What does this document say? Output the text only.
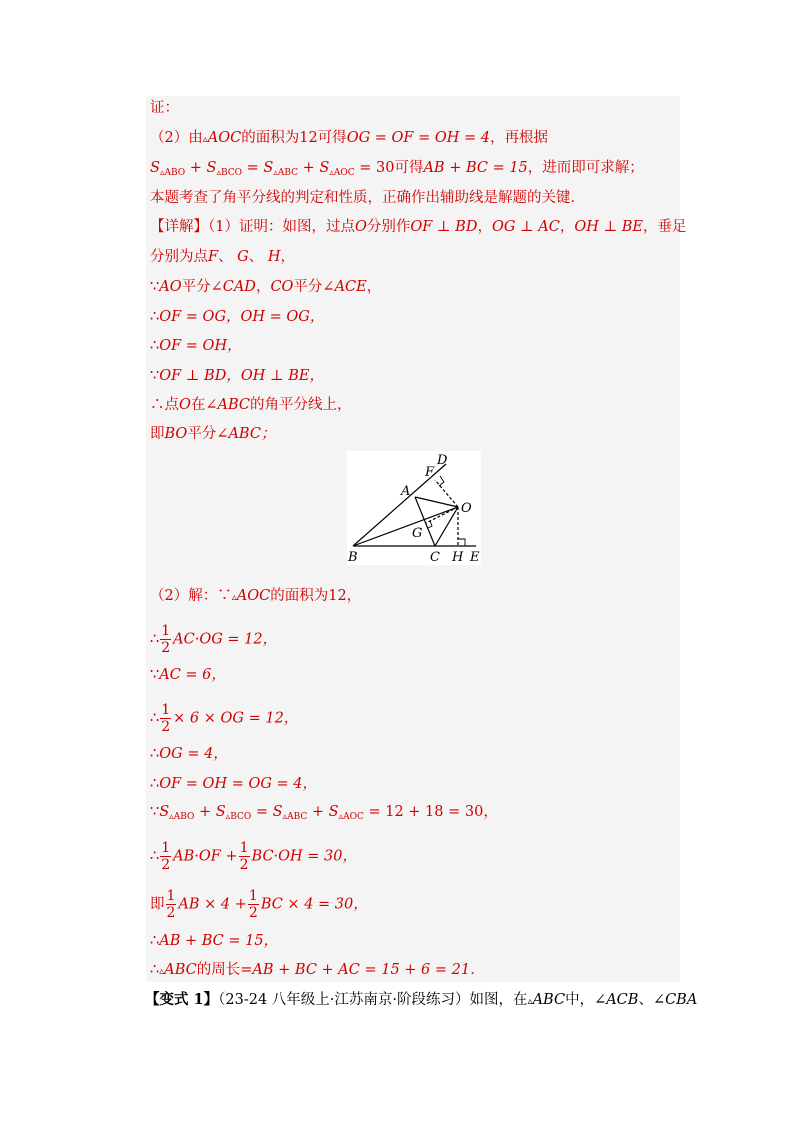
证：
（2）由▵AOC的面积为12可得OG = OF = OH = 4，再根据
$S_{▵ABO} + S_{▵BCO} = S_{▵ABC} + S_{▵AOC} = 30$可得AB + BC = 15，进而即可求解；
本题考查了角平分线的判定和性质，正确作出辅助线是解题的关键．
【详解】（1）证明：如图，过点O分别作OF ⊥ BD，OG ⊥ AC，OH ⊥ BE，垂足
分别为点F、 G、 H，
∵AO平分∠CAD，CO平分∠ACE，
∴OF = OG，OH = OG，
∴OF = OH，
∵OF ⊥ BD，OH ⊥ BE，
∴点O在∠ABC的角平分线上，
即BO平分∠ABC；
B	C H E
A
D
F
G
O
（2）解：∵▵AOC的面积为12，
∴ $\frac{1}{2} AC\cdot OG = 12$，
∵AC = 6，
∴ $\frac{1}{2} \times 6$ × OG = 12，
∴OG = 4，
∴OF = OH = OG = 4，
$\because S_{▵ABO} + S_{▵BCO} = S_{▵ABC} + S_{▵AOC} = 12 + 18 = 30$，
∴ $\frac{1}{2} AB\cdot OF + \frac{1}{2} BC\cdot OH = 30$，
即 $\frac{1}{2}$ AB × $4 + \frac{1}{2}$ BC × 4 = 30，
∴AB + BC = 15，
∴▵ABC的周长=AB + BC + AC = 15 + 6 = 21．
【变式 1】（23-24 八年级上·江苏南京·阶段练习）如图，在▵ABC中，∠ACB、∠CBA
